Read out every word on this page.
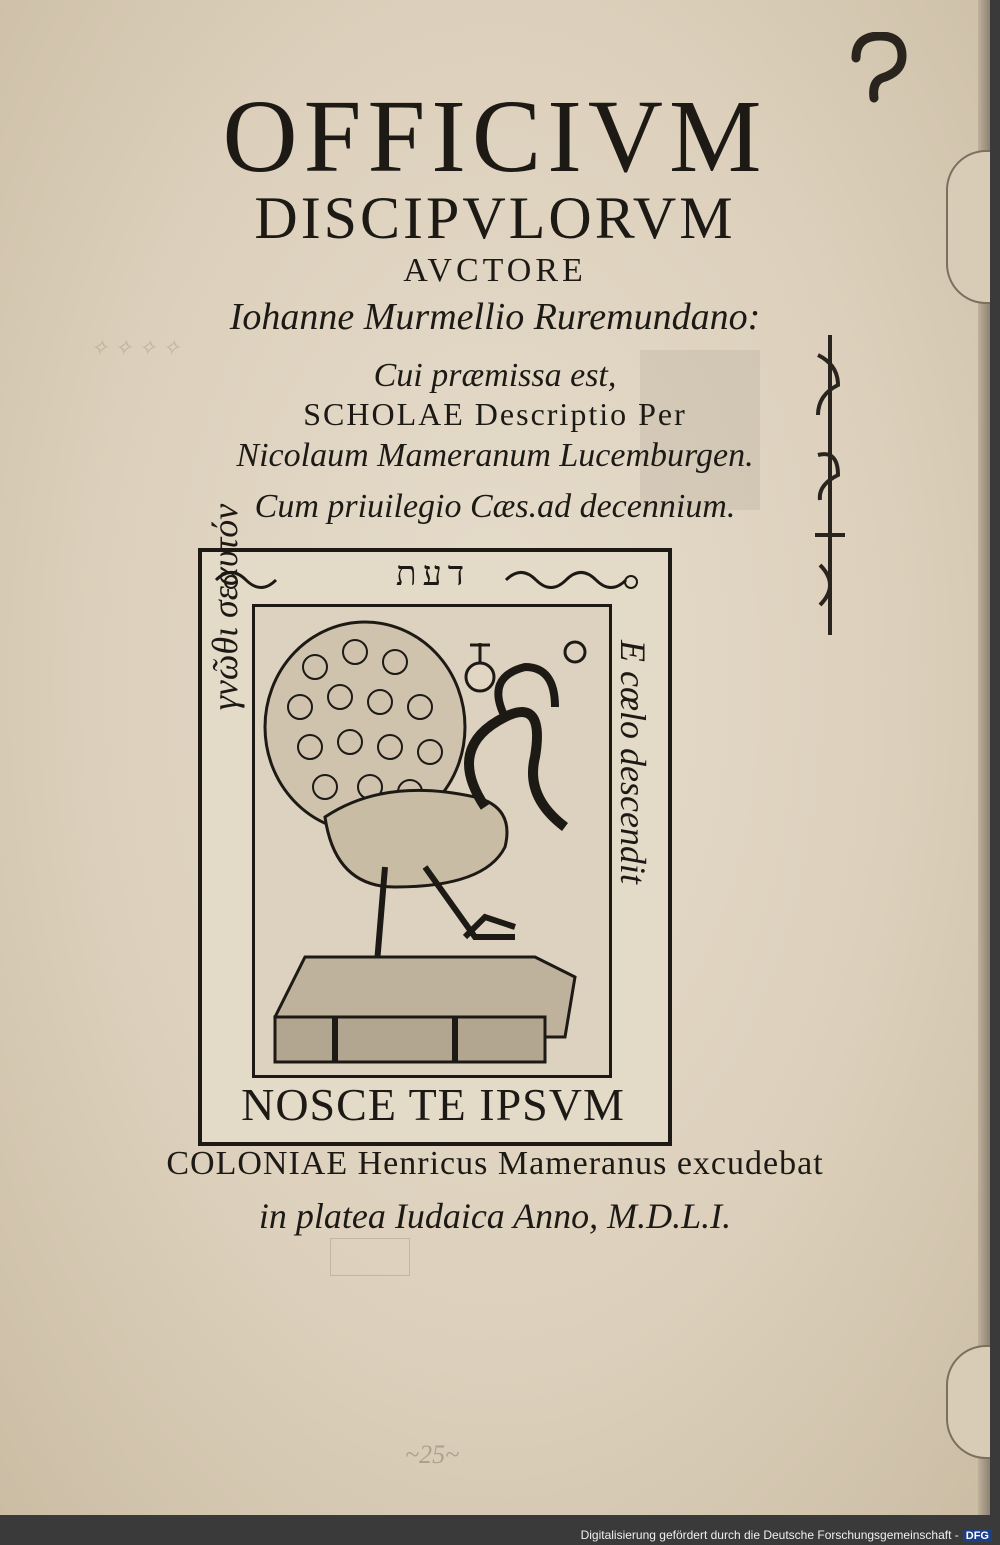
✧ ✧ ✧ ✧
OFFICIVM
DISCIPVLORVM
AVCTORE
Iohanne Murmellio Ruremundano:
Cui præmissa est,
SCHOLAE Descriptio Per
Nicolaum Mameranum Lucemburgen.
Cum priuilegio Cæs.ad decennium.
דעת
γνῶθι σεαυτόν
E cœlo descendit
NOSCE TE IPSVM
COLONIAE Henricus Mameranus excudebat
in platea Iudaica Anno, M.D.L.I.
~25~
Digitalisierung gefördert durch die Deutsche Forschungsgemeinschaft - DFG
